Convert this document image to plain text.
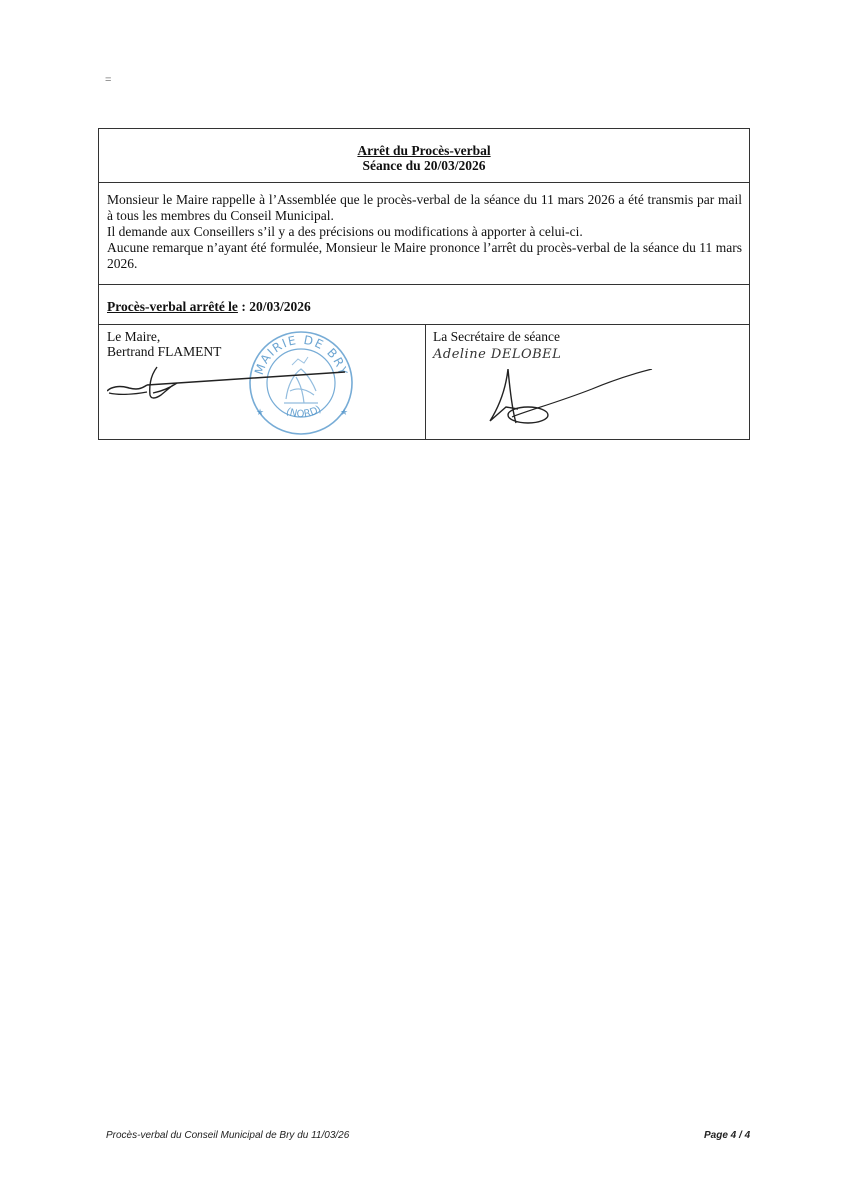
=
Arrêt du Procès-verbal
Séance du 20/03/2026

Monsieur le Maire rappelle à l’Assemblée que le procès-verbal de la séance du 11 mars 2026 a été transmis par mail à tous les membres du Conseil Municipal.

Il demande aux Conseillers s’il y a des précisions ou modifications à apporter à celui-ci.

Aucune remarque n’ayant été formulée, Monsieur le Maire prononce l’arrêt du procès-verbal de la séance du 11 mars 2026.

Procès-verbal arrêté le : 20/03/2026
Le Maire,
Bertrand FLAMENT
MAIRIE DE BRY
(NORD)
★	★
La Secrétaire de séance
Adeline DELOBEL
Procès-verbal du Conseil Municipal de Bry du 11/03/26	Page 4 / 4
